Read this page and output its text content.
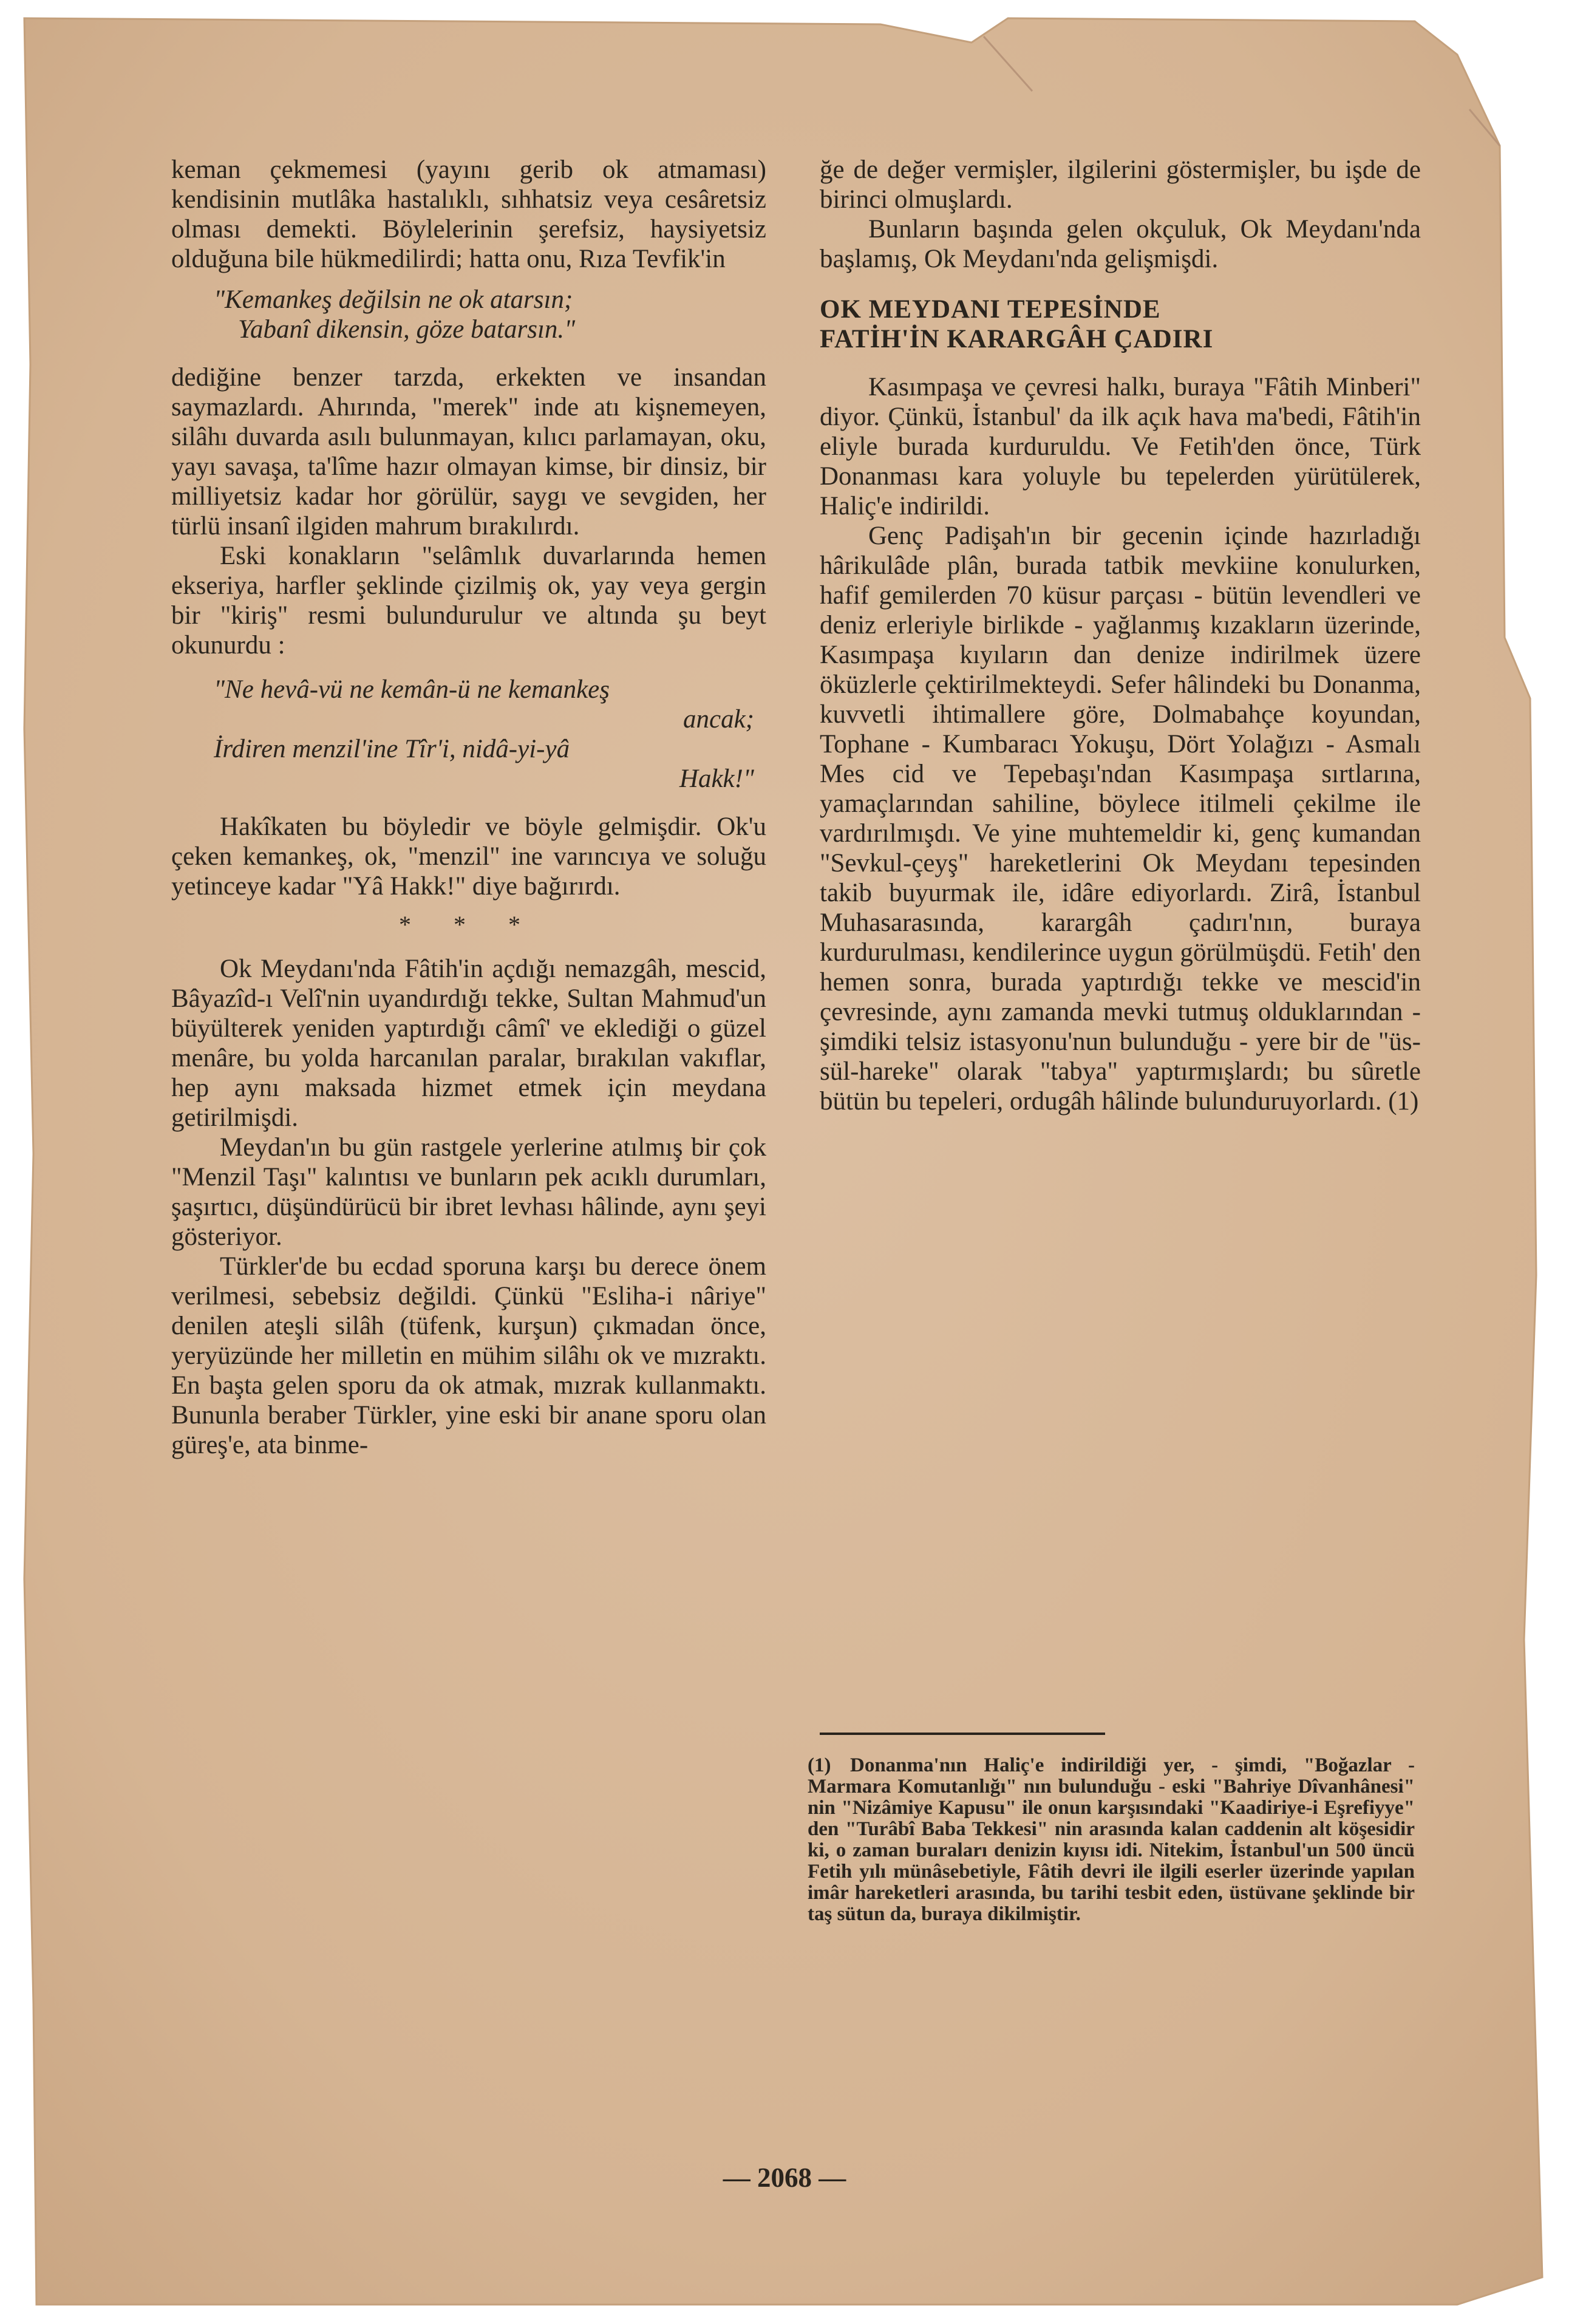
keman çekmemesi (yayını gerib ok atmaması) kendisinin mutlâka hastalıklı, sıhhatsiz veya cesâretsiz olması demekti. Böylelerinin şerefsiz, haysiyetsiz olduğuna bile hükmedilirdi; hatta onu, Rıza Tevfik'in

"Kemankeş değilsin ne ok atarsın;
Yabanî dikensin, göze batarsın."

dediğine benzer tarzda, erkekten ve insandan saymazlardı. Ahırında, "merek" inde atı kişnemeyen, silâhı duvarda asılı bulunmayan, kılıcı parlamayan, oku, yayı savaşa, ta'lîme hazır olmayan kimse, bir dinsiz, bir milliyetsiz kadar hor görülür, saygı ve sevgiden, her türlü insanî ilgiden mahrum bırakılırdı.

Eski konakların "selâmlık duvarlarında hemen ekseriya, harfler şeklinde çizilmiş ok, yay veya gergin bir "kiriş" resmi bulundurulur ve altında şu beyt okunurdu :

"Ne hevâ-vü ne kemân-ü ne kemankeş
ancak;
İrdiren menzil'ine Tîr'i, nidâ-yi-yâ
Hakk!"

Hakîkaten bu böyledir ve böyle gelmişdir. Ok'u çeken kemankeş, ok, "menzil" ine varıncıya ve soluğu yetinceye kadar "Yâ Hakk!" diye bağırırdı.

* * *

Ok Meydanı'nda Fâtih'in açdığı nemazgâh, mescid, Bâyazîd-ı Velî'nin uyandırdığı tekke, Sultan Mahmud'un büyülterek yeniden yaptırdığı câmî' ve eklediği o güzel menâre, bu yolda harcanılan paralar, bırakılan vakıflar, hep aynı maksada hizmet etmek için meydana getirilmişdi.

Meydan'ın bu gün rastgele yerlerine atılmış bir çok "Menzil Taşı" kalıntısı ve bunların pek acıklı durumları, şaşırtıcı, düşündürücü bir ibret levhası hâlinde, aynı şeyi gösteriyor.

Türkler'de bu ecdad sporuna karşı bu derece önem verilmesi, sebebsiz değildi. Çünkü "Esliha-i nâriye" denilen ateşli silâh (tüfenk, kurşun) çıkmadan önce, yeryüzünde her milletin en mühim silâhı ok ve mızraktı. En başta gelen sporu da ok atmak, mızrak kullanmaktı. Bununla beraber Türkler, yine eski bir anane sporu olan güreş'e, ata binme-

ğe de değer vermişler, ilgilerini göstermişler, bu işde de birinci olmuşlardı.

Bunların başında gelen okçuluk, Ok Meydanı'nda başlamış, Ok Meydanı'nda gelişmişdi.

OK MEYDANI TEPESİNDE
FATİH'İN KARARGÂH ÇADIRI

Kasımpaşa ve çevresi halkı, buraya "Fâtih Minberi" diyor. Çünkü, İstanbul' da ilk açık hava ma'bedi, Fâtih'in eliyle burada kurduruldu. Ve Fetih'den önce, Türk Donanması kara yoluyle bu tepelerden yürütülerek, Haliç'e indirildi.

Genç Padişah'ın bir gecenin içinde hazırladığı hârikulâde plân, burada tatbik mevkiine konulurken, hafif gemilerden 70 küsur parçası - bütün levendleri ve deniz erleriyle birlikde - yağlanmış kızakların üzerinde, Kasımpaşa kıyıların dan denize indirilmek üzere öküzlerle çektirilmekteydi. Sefer hâlindeki bu Donanma, kuvvetli ihtimallere göre, Dolmabahçe koyundan, Tophane - Kumbaracı Yokuşu, Dört Yolağızı - Asmalı Mes cid ve Tepebaşı'ndan Kasımpaşa sırtlarına, yamaçlarından sahiline, böylece itilmeli çekilme ile vardırılmışdı. Ve yine muhtemeldir ki, genç kumandan "Sevkul-çeyş" hareketlerini Ok Meydanı tepesinden takib buyurmak ile, idâre ediyorlardı. Zirâ, İstanbul Muhasarasında, karargâh çadırı'nın, buraya kurdurulması, kendilerince uygun görülmüşdü. Fetih' den hemen sonra, burada yaptırdığı tekke ve mescid'in çevresinde, aynı zamanda mevki tutmuş olduklarından - şimdiki telsiz istasyonu'nun bulunduğu - yere bir de "üs-sül-hareke" olarak "tabya" yaptırmışlardı; bu sûretle bütün bu tepeleri, ordugâh hâlinde bulunduruyorlardı. (1)

(1) Donanma'nın Haliç'e indirildiği yer, - şimdi, "Boğazlar - Marmara Komutanlığı" nın bulunduğu - eski "Bahriye Dîvanhânesi" nin "Nizâmiye Kapusu" ile onun karşısındaki "Kaadiriye-i Eşrefiyye" den "Turâbî Baba Tekkesi" nin arasında kalan caddenin alt köşesidir ki, o zaman buraları denizin kıyısı idi. Nitekim, İstanbul'un 500 üncü Fetih yılı münâsebetiyle, Fâtih devri ile ilgili eserler üzerinde yapılan imâr hareketleri arasında, bu tarihi tesbit eden, üstüvane şeklinde bir taş sütun da, buraya dikilmiştir.
— 2068 —
